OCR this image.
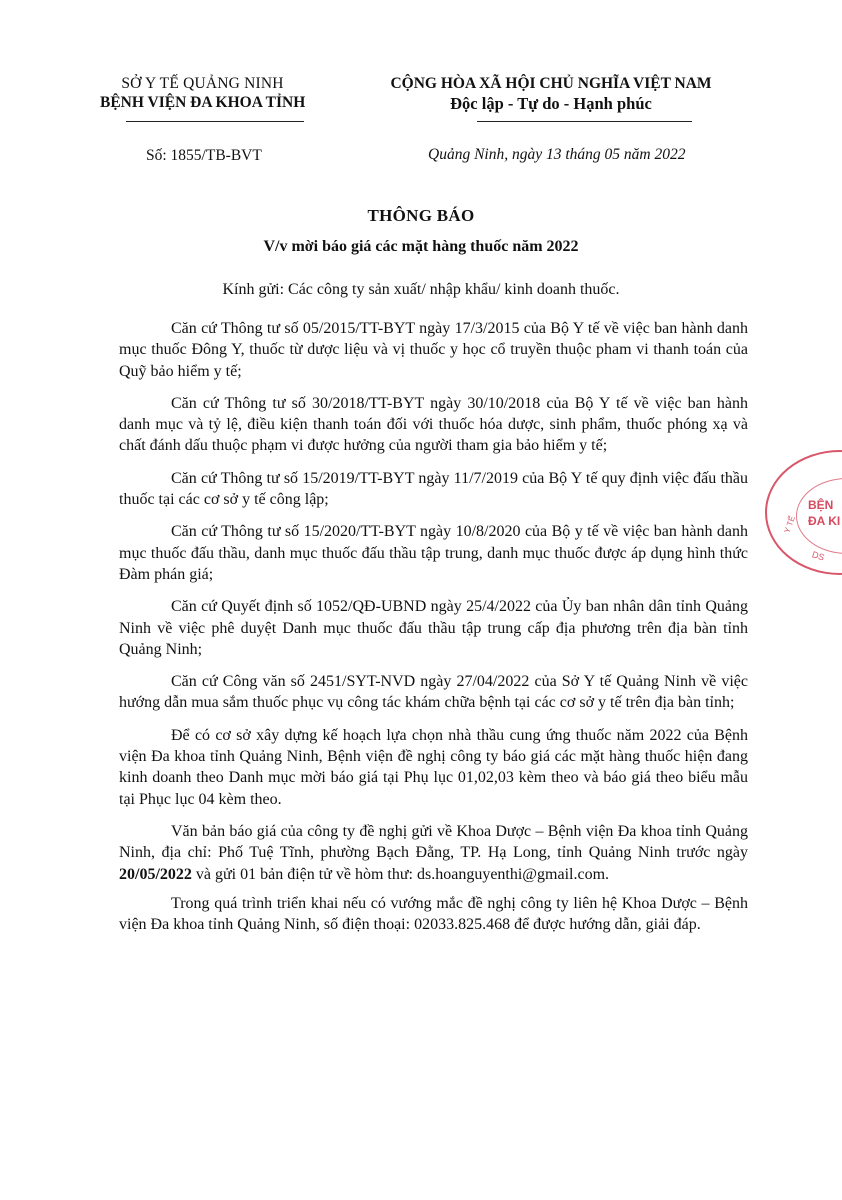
SỞ Y TẾ QUẢNG NINH
BỆNH VIỆN ĐA KHOA TỈNH
CỘNG HÒA XÃ HỘI CHỦ NGHĨA VIỆT NAM
Độc lập - Tự do - Hạnh phúc
Số: 1855/TB-BVT	Quảng Ninh, ngày 13 tháng 05 năm 2022
THÔNG BÁO
V/v mời báo giá các mặt hàng thuốc năm 2022
Kính gửi: Các công ty sản xuất/ nhập khẩu/ kinh doanh thuốc.

Căn cứ Thông tư số 05/2015/TT-BYT ngày 17/3/2015 của Bộ Y tế về việc ban hành danh mục thuốc Đông Y, thuốc từ dược liệu và vị thuốc y học cổ truyền thuộc pham vi thanh toán của Quỹ bảo hiểm y tế;

Căn cứ Thông tư số 30/2018/TT-BYT ngày 30/10/2018 của Bộ Y tế về việc ban hành danh mục và tỷ lệ, điều kiện thanh toán đối với thuốc hóa dược, sinh phẩm, thuốc phóng xạ và chất đánh dấu thuộc phạm vi được hưởng của người tham gia bảo hiểm y tế;

Căn cứ Thông tư số 15/2019/TT-BYT ngày 11/7/2019 của Bộ Y tế quy định việc đấu thầu thuốc tại các cơ sở y tế công lập;

Căn cứ Thông tư số 15/2020/TT-BYT ngày 10/8/2020 của Bộ y tế về việc ban hành danh mục thuốc đấu thầu, danh mục thuốc đấu thầu tập trung, danh mục thuốc được áp dụng hình thức Đàm phán giá;

Căn cứ Quyết định số 1052/QĐ-UBND ngày 25/4/2022 của Ủy ban nhân dân tỉnh Quảng Ninh về việc phê duyệt Danh mục thuốc đấu thầu tập trung cấp địa phương trên địa bàn tỉnh Quảng Ninh;

Căn cứ Công văn số 2451/SYT-NVD ngày 27/04/2022 của Sở Y tế Quảng Ninh về việc hướng dẫn mua sắm thuốc phục vụ công tác khám chữa bệnh tại các cơ sở y tế trên địa bàn tỉnh;

Để có cơ sở xây dựng kế hoạch lựa chọn nhà thầu cung ứng thuốc năm 2022 của Bệnh viện Đa khoa tỉnh Quảng Ninh, Bệnh viện đề nghị công ty báo giá các mặt hàng thuốc hiện đang kinh doanh theo Danh mục mời báo giá tại Phụ lục 01,02,03 kèm theo và báo giá theo biểu mẫu tại Phục lục 04 kèm theo.

Văn bản báo giá của công ty đề nghị gửi về Khoa Dược – Bệnh viện Đa khoa tỉnh Quảng Ninh, địa chỉ: Phố Tuệ Tĩnh, phường Bạch Đằng, TP. Hạ Long, tỉnh Quảng Ninh trước ngày 20/05/2022 và gửi 01 bản điện tử về hòm thư: ds.hoanguyenthi@gmail.com.

Trong quá trình triển khai nếu có vướng mắc đề nghị công ty liên hệ Khoa Dược – Bệnh viện Đa khoa tỉnh Quảng Ninh, số điện thoại: 02033.825.468 để được hướng dẫn, giải đáp.

BỆN
ĐA KI
DS
Y TẾ
